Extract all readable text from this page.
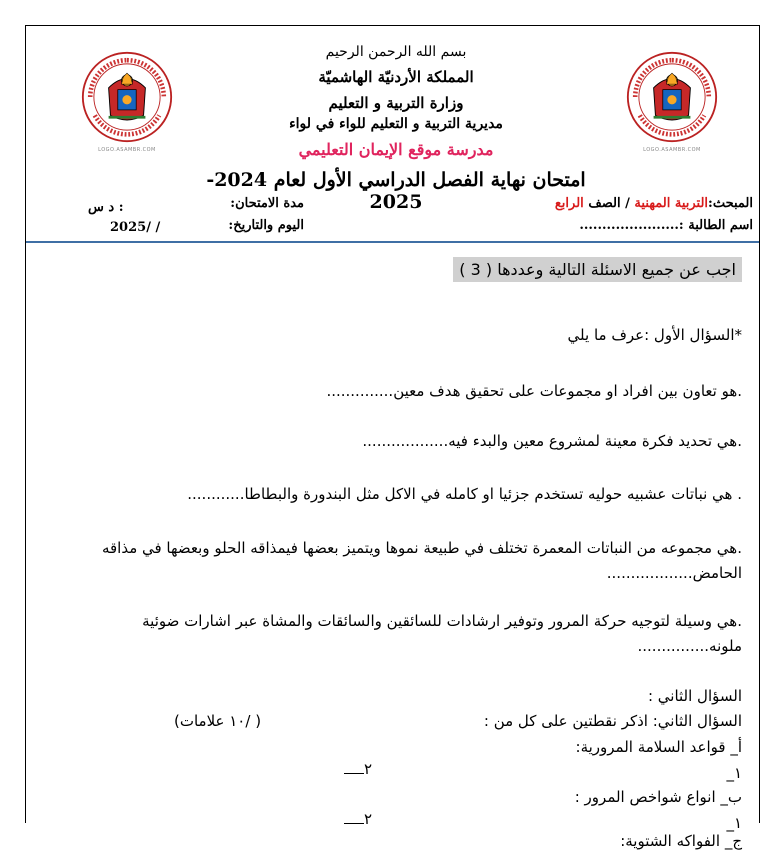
LOGO.ASAMBR.COM	LOGO.ASAMBR.COM
بسم الله الرحمن الرحيم
المملكة الأردنيّة الهاشميّة
وزارة التربية و التعليم
مديرية التربية و التعليم للواء في لواء
مدرسة موقع الإيمان التعليمي
امتحان نهاية الفصل الدراسي الأول لعام 2024-2025	المبحث:التربية المهنية / الصف الرابع
مدة الامتحان:
: د س
اسم الطالبة :......................
اليوم والتاريخ:
/ /2025
اجب عن جميع الاسئلة التالية وعددها ( 3 )
*السؤال الأول :عرف ما يلي
.هو تعاون بين افراد او مجموعات على تحقيق هدف معين..............
.هي تحديد فكرة معينة لمشروع معين والبدء فيه..................
. هي نباتات عشبيه حوليه تستخدم جزئيا او كامله في الاكل مثل البندورة والبطاطا............
.هي مجموعه من النباتات المعمرة تختلف في طبيعة نموها ويتميز بعضها فيمذاقه الحلو وبعضها في مذاقه الحامض..................
.هي وسيلة لتوجيه حركة المرور وتوفير ارشادات للسائقين والسائقات والمشاة عبر اشارات ضوئية ملونه...............
السؤال الثاني :
السؤال الثاني: اذكر نقطتين على كل من :
( /١٠ علامات)
أ_ قواعد السلامة المرورية:
١_
٢
ب_ انواع شواخص المرور :
١_
٢
ج_ الفواكه الشتوية:
